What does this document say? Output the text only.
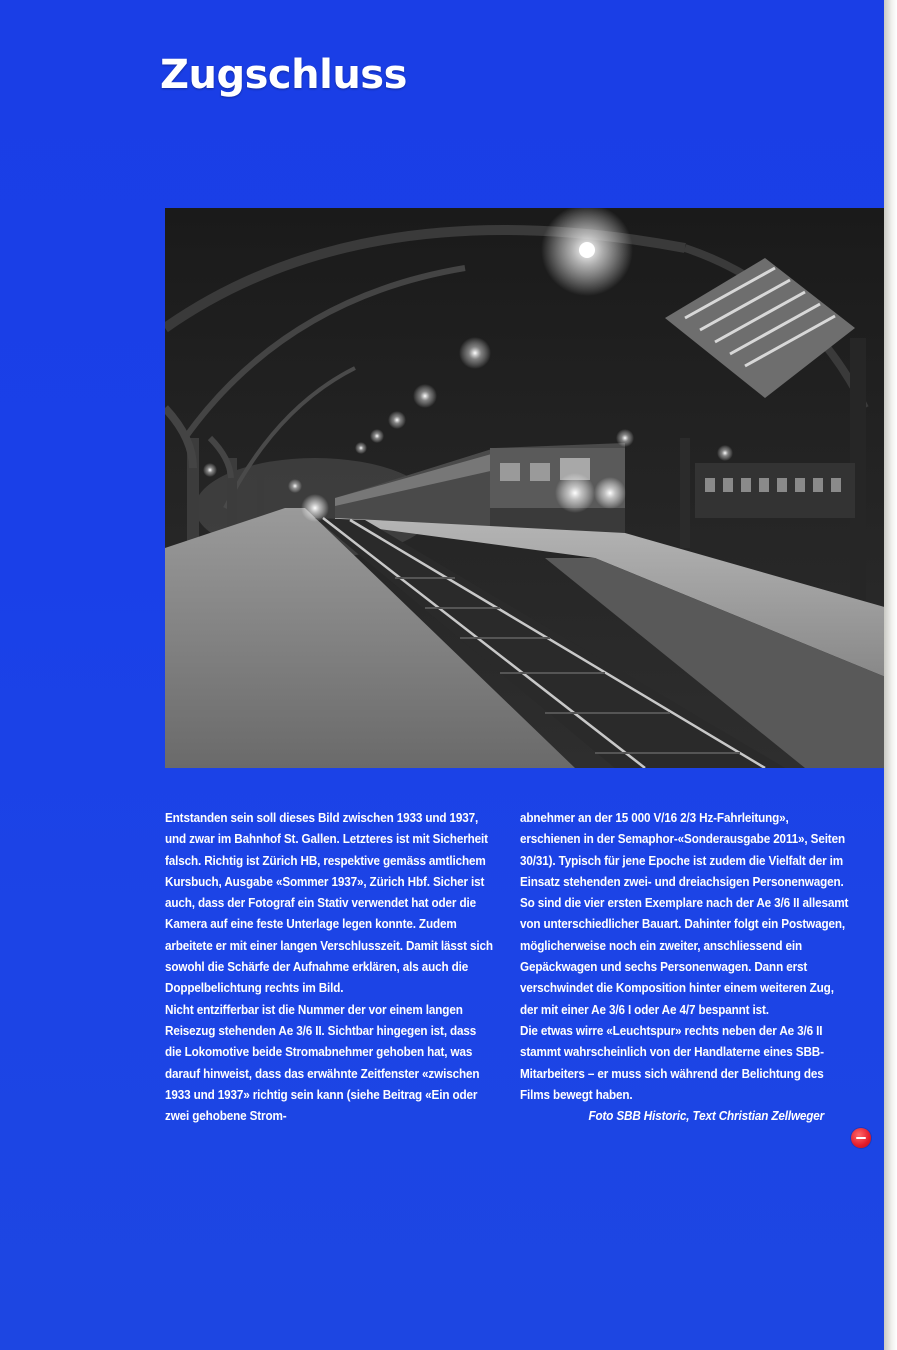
Zugschluss

Entstanden sein soll dieses Bild zwischen 1933 und 1937, und zwar im Bahnhof St. Gallen. Letzteres ist mit Sicherheit falsch. Richtig ist Zürich HB, respektive gemäss amtlichem Kursbuch, Ausgabe «Sommer 1937», Zürich Hbf. Sicher ist auch, dass der Fotograf ein Stativ verwendet hat oder die Kamera auf eine feste Unterlage legen konnte. Zudem arbeitete er mit einer langen Verschlusszeit. Damit lässt sich sowohl die Schärfe der Aufnahme erklären, als auch die Doppelbelichtung rechts im Bild.

Nicht entzifferbar ist die Nummer der vor einem langen Reisezug stehenden Ae 3/6 II. Sichtbar hingegen ist, dass die Lokomotive beide Stromabnehmer gehoben hat, was darauf hinweist, dass das erwähnte Zeitfenster «zwischen 1933 und 1937» richtig sein kann (siehe Beitrag «Ein oder zwei gehobene Strom-

abnehmer an der 15 000 V/16 2/3 Hz-Fahrleitung», erschienen in der Semaphor-«Sonderausgabe 2011», Seiten 30/31). Typisch für jene Epoche ist zudem die Vielfalt der im Einsatz stehenden zwei- und dreiachsigen Personenwagen. So sind die vier ersten Exemplare nach der Ae 3/6 II allesamt von unterschiedlicher Bauart. Dahinter folgt ein Postwagen, möglicherweise noch ein zweiter, anschliessend ein Gepäckwagen und sechs Personenwagen. Dann erst verschwindet die Komposition hinter einem weiteren Zug, der mit einer Ae 3/6 I oder Ae 4/7 bespannt ist.

Die etwas wirre «Leuchtspur» rechts neben der Ae 3/6 II stammt wahrscheinlich von der Handlaterne eines SBB-Mitarbeiters – er muss sich während der Belichtung des Films bewegt haben.

Foto SBB Historic, Text Christian Zellweger
